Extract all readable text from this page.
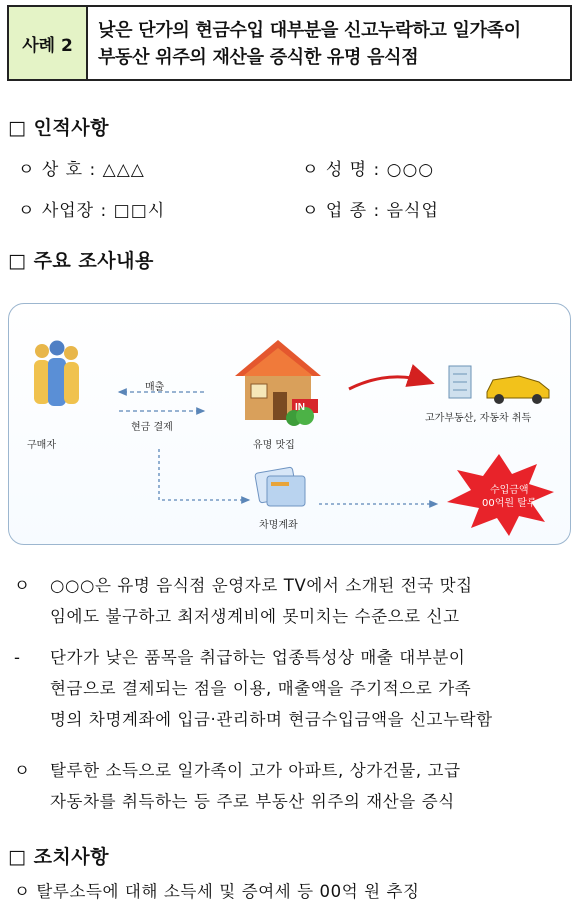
사례 2
낮은 단가의 현금수입 대부분을 신고누락하고 일가족이
부동산 위주의 재산을 증식한 유명 음식점
□ 인적사항
ㅇ 상 호 : △△△	ㅇ 성 명 : ○○○
ㅇ 사업장 : □□시	ㅇ 업 종 : 음식업
□ 주요 조사내용
IN
구매자
매출
현금 결제
유명 맛집
고가부동산, 자동차 취득
차명계좌
수입금액
00억원 탈루
ㅇ ○○○은 유명 음식점 운영자로 TV에서 소개된 전국 맛집
임에도 불구하고 최저생계비에 못미치는 수준으로 신고
- 단가가 낮은 품목을 취급하는 업종특성상 매출 대부분이
현금으로 결제되는 점을 이용, 매출액을 주기적으로 가족
명의 차명계좌에 입금·관리하며 현금수입금액을 신고누락함
ㅇ 탈루한 소득으로 일가족이 고가 아파트, 상가건물, 고급
자동차를 취득하는 등 주로 부동산 위주의 재산을 증식
□ 조치사항
ㅇ 탈루소득에 대해 소득세 및 증여세 등 00억 원 추징
